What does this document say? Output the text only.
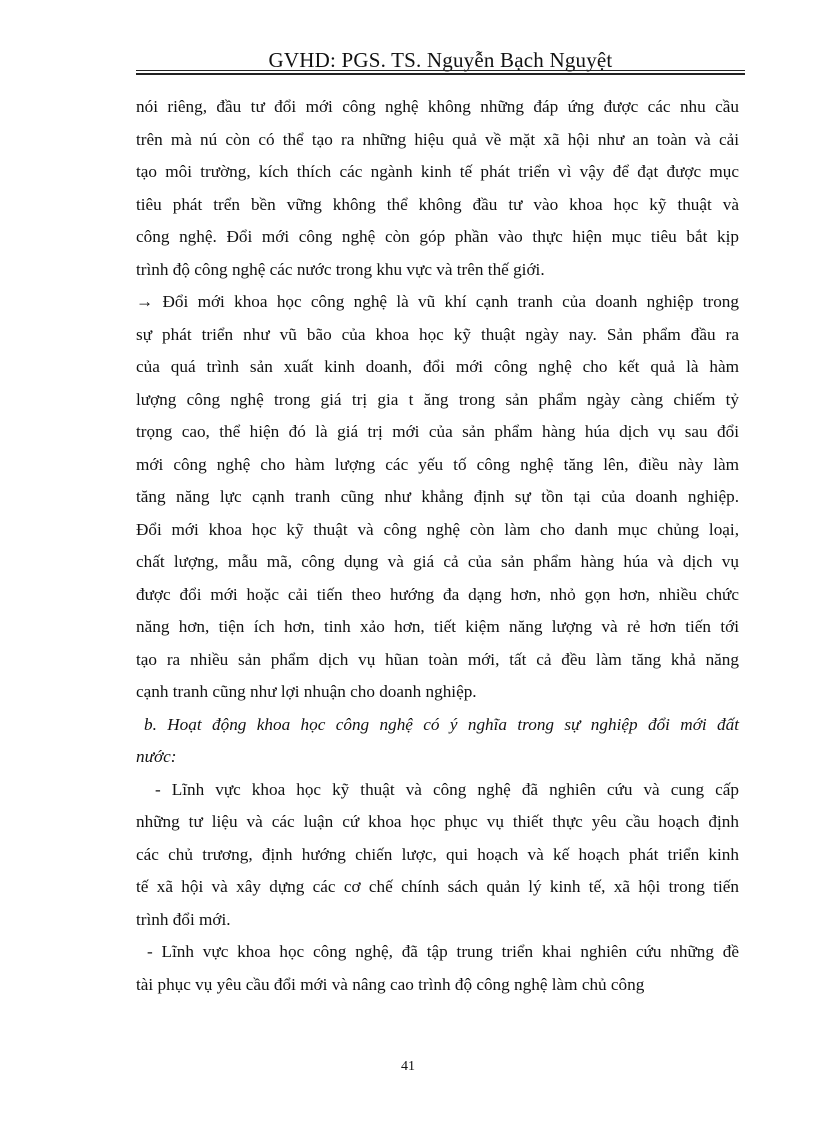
GVHD: PGS. TS. Nguyễn Bạch Nguyệt
nói riêng, đầu tư đổi mới công nghệ không những đáp ứng được các nhu cầu
trên mà nú còn có thể tạo ra những hiệu quả về mặt xã hội như an toàn và cải
tạo môi trường, kích thích các ngành kinh tế phát triển vì vậy để đạt được mục
tiêu phát trển bền vững không thể không đầu tư vào khoa học kỹ thuật và
công nghệ. Đổi mới công nghệ còn góp phần vào thực hiện mục tiêu bắt kịp
trình độ công nghệ các nước trong khu vực và trên thế giới.
→ Đổi mới khoa học công nghệ là vũ khí cạnh tranh của doanh nghiệp trong
sự phát triển như vũ bão của khoa học kỹ thuật ngày nay. Sản phẩm đầu ra
của quá trình sản xuất kinh doanh, đổi mới công nghệ cho kết quả là hàm
lượng công nghệ trong giá trị gia t ăng trong sản phẩm ngày càng chiếm tỷ
trọng cao, thể hiện đó là giá trị mới của sản phẩm hàng húa dịch vụ sau đổi
mới công nghệ cho hàm lượng các yếu tố công nghệ tăng lên, điều này làm
tăng năng lực cạnh tranh cũng như khẳng định sự tồn tại của doanh nghiệp.
Đổi mới khoa học kỹ thuật và công nghệ còn làm cho danh mục chủng loại,
chất lượng, mẫu mã, công dụng và giá cả của sản phẩm hàng húa và dịch vụ
được đổi mới hoặc cải tiến theo hướng đa dạng hơn, nhỏ gọn hơn, nhiều chức
năng hơn, tiện ích hơn, tinh xảo hơn, tiết kiệm năng lượng và rẻ hơn tiến tới
tạo ra nhiều sản phẩm dịch vụ hũan toàn mới, tất cả đều làm tăng khả năng
cạnh tranh cũng như lợi nhuận cho doanh nghiệp.
b. Hoạt động khoa học công nghệ có ý nghĩa trong sự nghiệp đổi mới đất
nước:
- Lĩnh vực khoa học kỹ thuật và công nghệ đã nghiên cứu và cung cấp
những tư liệu và các luận cứ khoa học phục vụ thiết thực yêu cầu hoạch định
các chủ trương, định hướng chiến lược, qui hoạch và kế hoạch phát triển kinh
tế xã hội và xây dựng các cơ chế chính sách quản lý kinh tế, xã hội trong tiến
trình đổi mới.
- Lĩnh vực khoa học công nghệ, đã tập trung triển khai nghiên cứu những đề
tài phục vụ yêu cầu đổi mới và nâng cao trình độ công nghệ làm chủ công
41
